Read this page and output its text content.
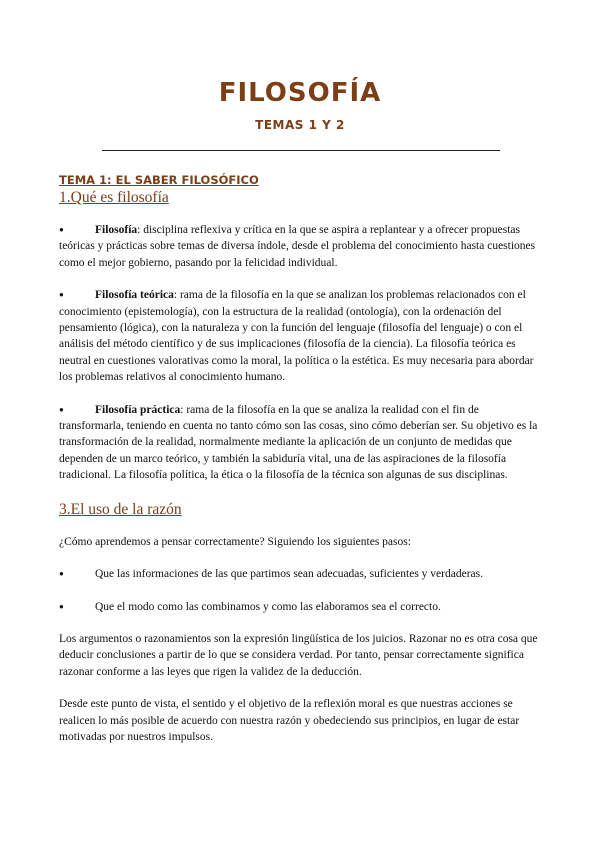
FILOSOFÍA
TEMAS 1 Y 2
TEMA 1: EL SABER FILOSÓFICO
1.Qué es filosofía

●	Filosofía: disciplina reflexiva y crítica en la que se aspira a replantear y a ofrecer propuestas teóricas y prácticas sobre temas de diversa índole, desde el problema del conocimiento hasta cuestiones como el mejor gobierno, pasando por la felicidad individual.

●	Filosofía teórica: rama de la filosofía en la que se analizan los problemas relacionados con el conocimiento (epistemología), con la estructura de la realidad (ontología), con la ordenación del pensamiento (lógica), con la naturaleza y con la función del lenguaje (filosofía del lenguaje) o con el análisis del método científico y de sus implicaciones (filosofía de la ciencia). La filosofía teórica es neutral en cuestiones valorativas como la moral, la política o la estética. Es muy necesaria para abordar los problemas relativos al conocimiento humano.

●	Filosofía práctica: rama de la filosofía en la que se analiza la realidad con el fin de transformarla, teniendo en cuenta no tanto cómo son las cosas, sino cómo deberían ser. Su objetivo es la transformación de la realidad, normalmente mediante la aplicación de un conjunto de medidas que dependen de un marco teórico, y también la sabiduría vital, una de las aspiraciones de la filosofía tradicional. La filosofía política, la ética o la filosofía de la técnica son algunas de sus disciplinas.

3.El uso de la razón

¿Cómo aprendemos a pensar correctamente? Siguiendo los siguientes pasos:

●	Que las informaciones de las que partimos sean adecuadas, suficientes y verdaderas.
●	Que el modo como las combinamos y como las elaboramos sea el correcto.

Los argumentos o razonamientos son la expresión lingüística de los juicios. Razonar no es otra cosa que deducir conclusiones a partir de lo que se considera verdad. Por tanto, pensar correctamente significa razonar conforme a las leyes que rigen la validez de la deducción.

Desde este punto de vista, el sentido y el objetivo de la reflexión moral es que nuestras acciones se realicen lo más posible de acuerdo con nuestra razón y obedeciendo sus principios, en lugar de estar motivadas por nuestros impulsos.
